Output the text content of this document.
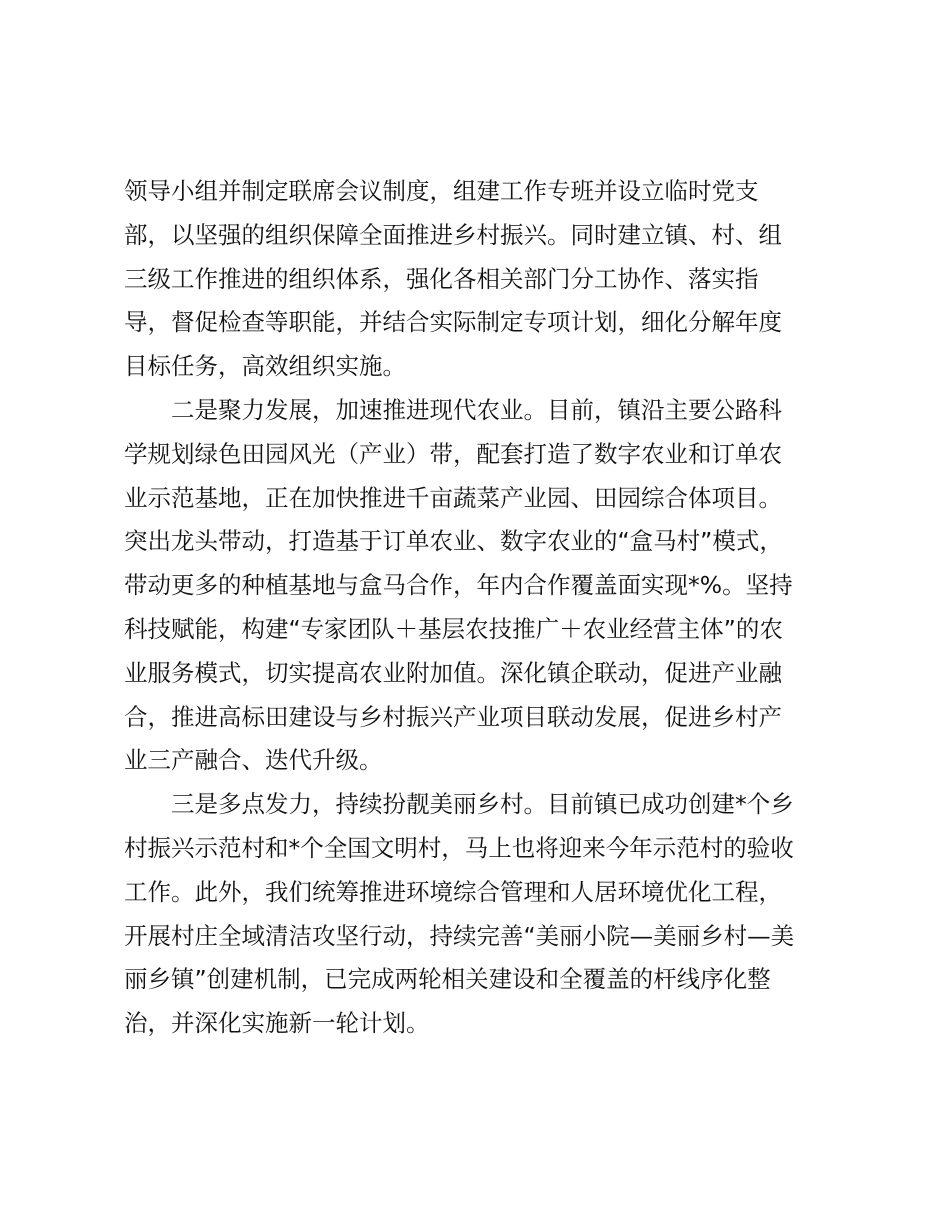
领导小组并制定联席会议制度，组建工作专班并设立临时党支
部，以坚强的组织保障全面推进乡村振兴。同时建立镇、村、组
三级工作推进的组织体系，强化各相关部门分工协作、落实指
导，督促检查等职能，并结合实际制定专项计划，细化分解年度
目标任务，高效组织实施。
二是聚力发展，加速推进现代农业。目前，镇沿主要公路科
学规划绿色田园风光（产业）带，配套打造了数字农业和订单农
业示范基地，正在加快推进千亩蔬菜产业园、田园综合体项目。
突出龙头带动，打造基于订单农业、数字农业的“盒马村”模式，
带动更多的种植基地与盒马合作，年内合作覆盖面实现*%。坚持
科技赋能，构建“专家团队＋基层农技推广＋农业经营主体”的农
业服务模式，切实提高农业附加值。深化镇企联动，促进产业融
合，推进高标田建设与乡村振兴产业项目联动发展，促进乡村产
业三产融合、迭代升级。
三是多点发力，持续扮靓美丽乡村。目前镇已成功创建*个乡
村振兴示范村和*个全国文明村，马上也将迎来今年示范村的验收
工作。此外，我们统筹推进环境综合管理和人居环境优化工程，
开展村庄全域清洁攻坚行动，持续完善“美丽小院—美丽乡村—美
丽乡镇”创建机制，已完成两轮相关建设和全覆盖的杆线序化整
治，并深化实施新一轮计划。
